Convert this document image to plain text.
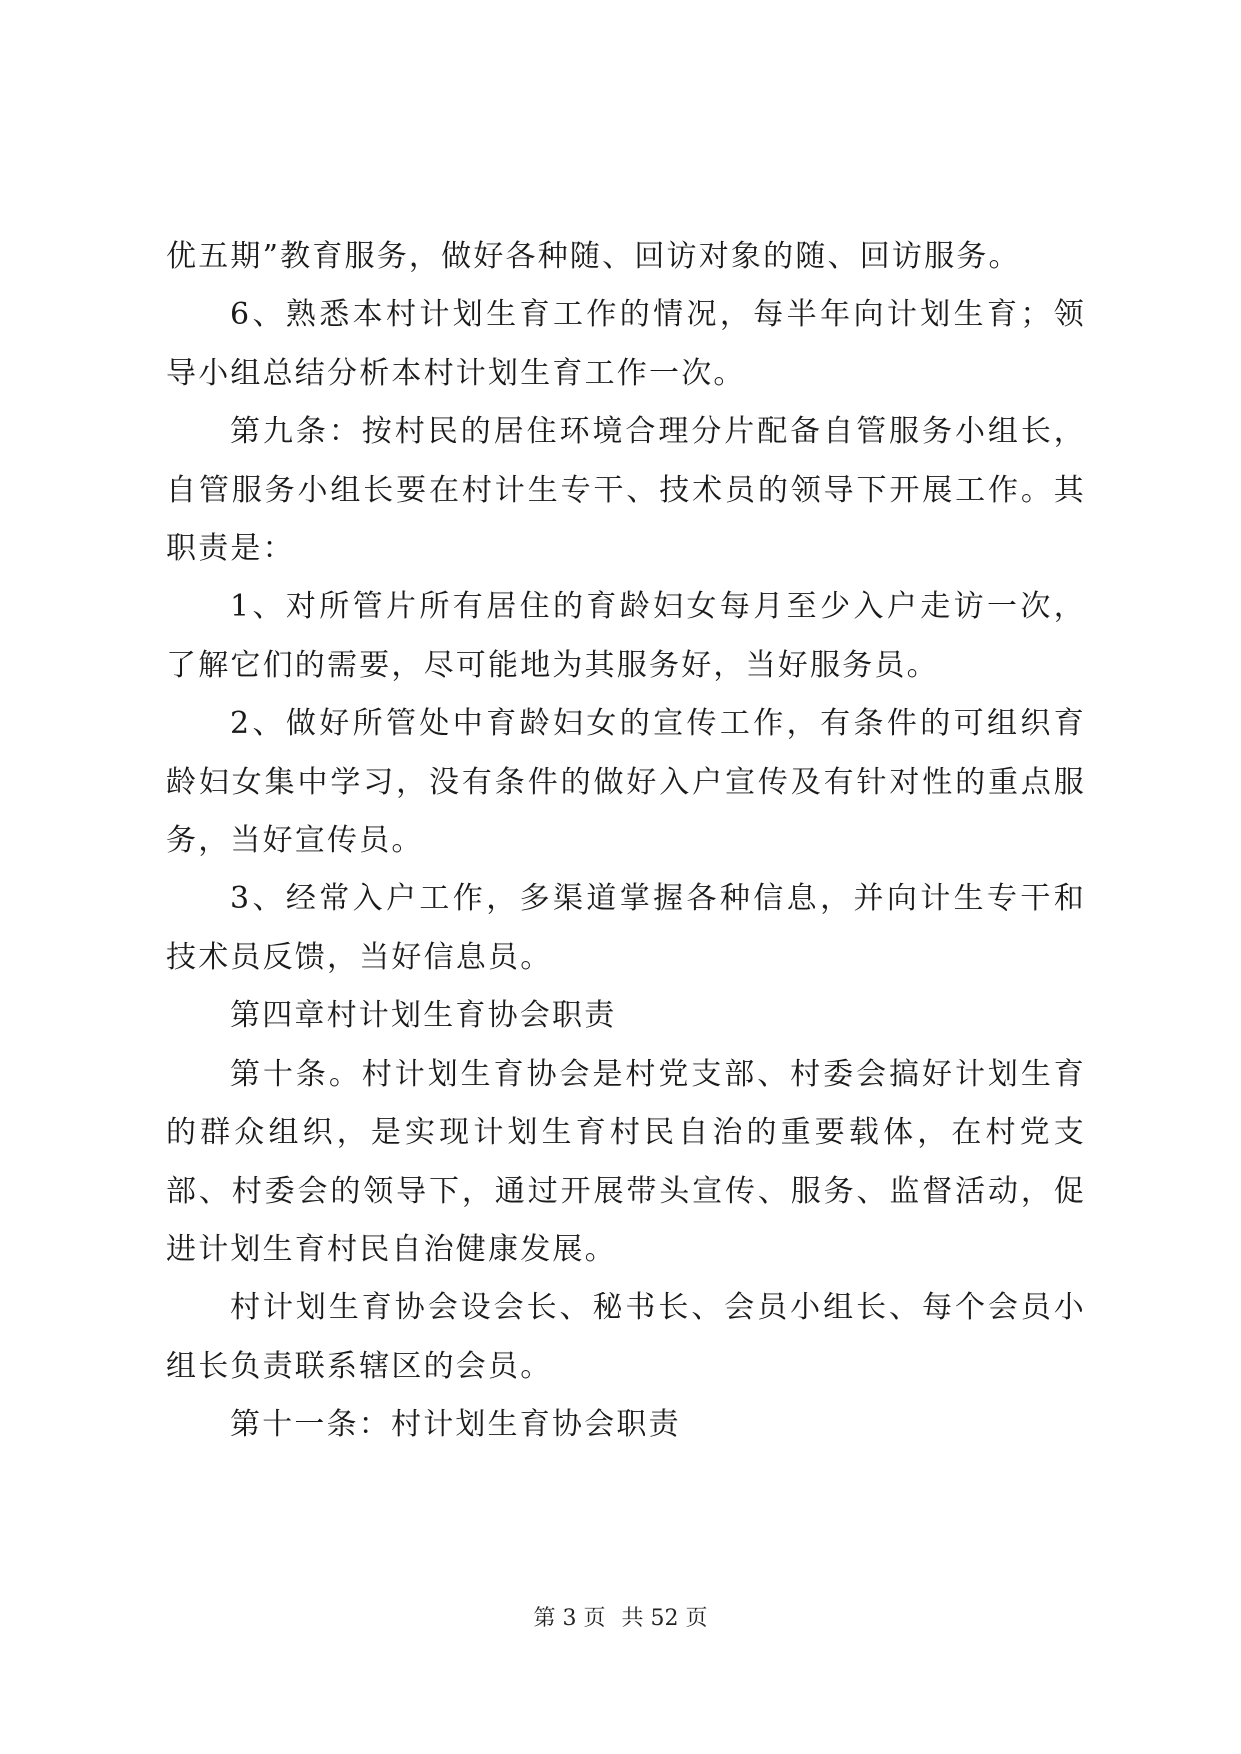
优五期”教育服务，做好各种随、回访对象的随、回访服务。

6、熟悉本村计划生育工作的情况，每半年向计划生育；领导小组总结分析本村计划生育工作一次。

第九条：按村民的居住环境合理分片配备自管服务小组长，自管服务小组长要在村计生专干、技术员的领导下开展工作。其职责是：

1、对所管片所有居住的育龄妇女每月至少入户走访一次，了解它们的需要，尽可能地为其服务好，当好服务员。

2、做好所管处中育龄妇女的宣传工作，有条件的可组织育龄妇女集中学习，没有条件的做好入户宣传及有针对性的重点服务，当好宣传员。

3、经常入户工作，多渠道掌握各种信息，并向计生专干和技术员反馈，当好信息员。

第四章村计划生育协会职责

第十条。村计划生育协会是村党支部、村委会搞好计划生育的群众组织，是实现计划生育村民自治的重要载体，在村党支部、村委会的领导下，通过开展带头宣传、服务、监督活动，促进计划生育村民自治健康发展。

村计划生育协会设会长、秘书长、会员小组长、每个会员小组长负责联系辖区的会员。

第十一条：村计划生育协会职责

第 3 页 共 52 页
